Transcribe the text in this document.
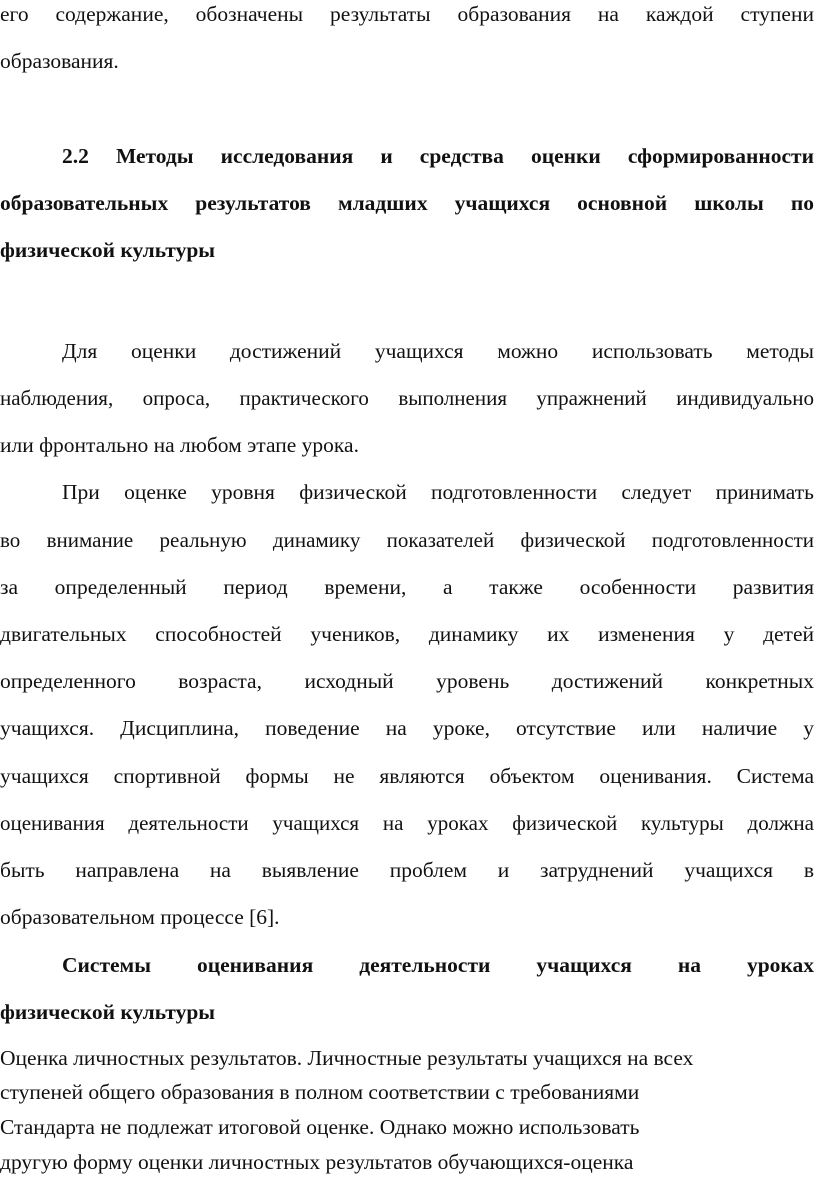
его содержание, обозначены результаты образования на каждой ступени
образования.
2.2 Методы исследования и средства оценки сформированности
образовательных результатов младших учащихся основной школы по
физической культуры
Для оценки достижений учащихся можно использовать методы
наблюдения, опроса, практического выполнения упражнений индивидуально
или фронтально на любом этапе урока.
При оценке уровня физической подготовленности следует принимать
во внимание реальную динамику показателей физической подготовленности
за определенный период времени, а также особенности развития
двигательных способностей учеников, динамику их изменения у детей
определенного возраста, исходный уровень достижений конкретных
учащихся. Дисциплина, поведение на уроке, отсутствие или наличие у
учащихся спортивной формы не являются объектом оценивания. Система
оценивания деятельности учащихся на уроках физической культуры должна
быть направлена на выявление проблем и затруднений учащихся в
образовательном процессе [6].
Системы оценивания деятельности учащихся на уроках
физической культуры
Оценка личностных результатов. Личностные результаты учащихся на всех
ступеней общего образования в полном соответствии с требованиями
Стандарта не подлежат итоговой оценке. Однако можно использовать
другую форму оценки личностных результатов обучающихся-оценка
